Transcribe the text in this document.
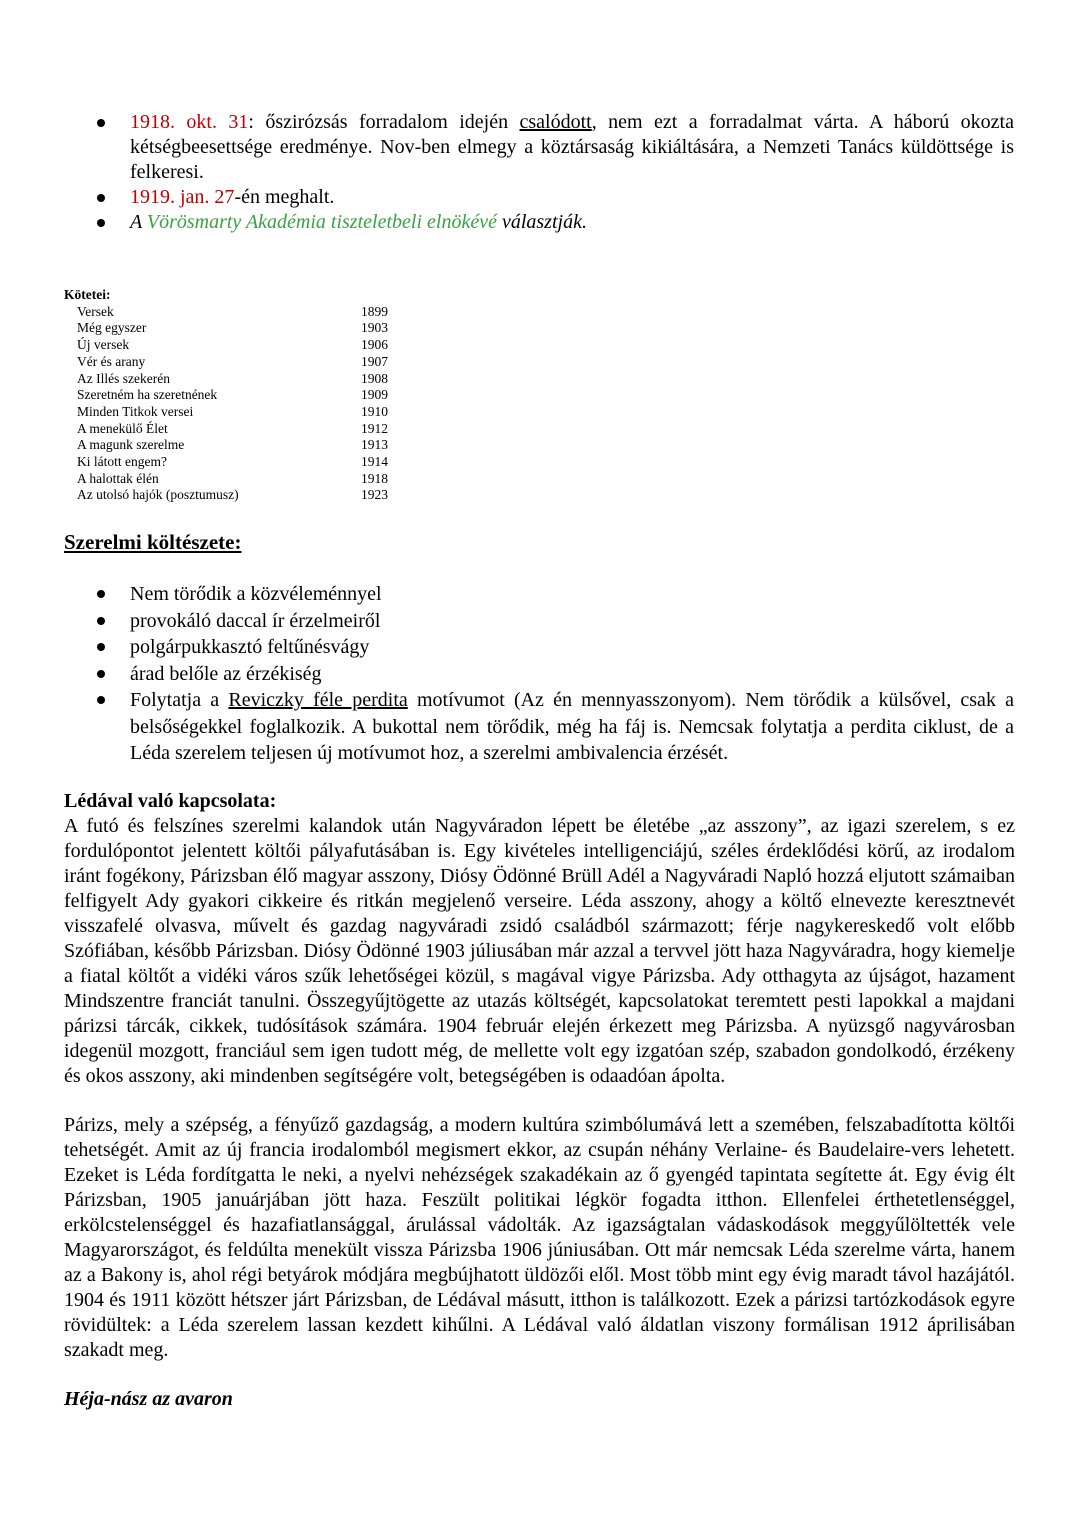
1918. okt. 31: őszirózsás forradalom idején csalódott, nem ezt a forradalmat várta. A háború okozta kétségbeesettsége eredménye. Nov-ben elmegy a köztársaság kikiáltására, a Nemzeti Tanács küldöttsége is felkeresi.
1919. jan. 27-én meghalt.
A Vörösmarty Akadémia tiszteletbeli elnökévé választják.
Kötetei:
Versek	1899
Még egyszer	1903
Új versek	1906
Vér és arany	1907
Az Illés szekerén	1908
Szeretném ha szeretnének	1909
Minden Titkok versei	1910
A menekülő Élet	1912
A magunk szerelme	1913
Ki látott engem?	1914
A halottak élén	1918
Az utolsó hajók (posztumusz)	1923
Szerelmi költészete:
Nem törődik a közvéleménnyel
provokáló daccal ír érzelmeiről
polgárpukkasztó feltűnésvágy
árad belőle az érzékiség
Folytatja a Reviczky féle perdita motívumot (Az én mennyasszonyom). Nem törődik a külsővel, csak a belsőségekkel foglalkozik. A bukottal nem törődik, még ha fáj is. Nemcsak folytatja a perdita ciklust, de a Léda szerelem teljesen új motívumot hoz, a szerelmi ambivalencia érzését.
Lédával való kapcsolata:

A futó és felszínes szerelmi kalandok után Nagyváradon lépett be életébe „az asszony”, az igazi szerelem, s ez fordulópontot jelentett költői pályafutásában is. Egy kivételes intelligenciájú, széles érdeklődési körű, az irodalom iránt fogékony, Párizsban élő magyar asszony, Diósy Ödönné Brüll Adél a Nagyváradi Napló hozzá eljutott számaiban felfigyelt Ady gyakori cikkeire és ritkán megjelenő verseire. Léda asszony, ahogy a költő elnevezte keresztnevét visszafelé olvasva, művelt és gazdag nagyváradi zsidó családból származott; férje nagykereskedő volt előbb Szófiában, később Párizsban. Diósy Ödönné 1903 júliusában már azzal a tervvel jött haza Nagyváradra, hogy kiemelje a fiatal költőt a vidéki város szűk lehetőségei közül, s magával vigye Párizsba. Ady otthagyta az újságot, hazament Mindszentre franciát tanulni. Összegyűjtögette az utazás költségét, kapcsolatokat teremtett pesti lapokkal a majdani párizsi tárcák, cikkek, tudósítások számára. 1904 február elején érkezett meg Párizsba. A nyüzsgő nagyvárosban idegenül mozgott, franciául sem igen tudott még, de mellette volt egy izgatóan szép, szabadon gondolkodó, érzékeny és okos asszony, aki mindenben segítségére volt, betegségében is odaadóan ápolta.

Párizs, mely a szépség, a fényűző gazdagság, a modern kultúra szimbólumává lett a szemében, felszabadította költői tehetségét. Amit az új francia irodalomból megismert ekkor, az csupán néhány Verlaine- és Baudelaire-vers lehetett. Ezeket is Léda fordítgatta le neki, a nyelvi nehézségek szakadékain az ő gyengéd tapintata segítette át. Egy évig élt Párizsban, 1905 januárjában jött haza. Feszült politikai légkör fogadta itthon. Ellenfelei érthetetlenséggel, erkölcstelenséggel és hazafiatlansággal, árulással vádolták. Az igazságtalan vádaskodások meggyűlöltették vele Magyarországot, és feldúlta menekült vissza Párizsba 1906 júniusában. Ott már nemcsak Léda szerelme várta, hanem az a Bakony is, ahol régi betyárok módjára megbújhatott üldözői elől. Most több mint egy évig maradt távol hazájától. 1904 és 1911 között hétszer járt Párizsban, de Lédával másutt, itthon is találkozott. Ezek a párizsi tartózkodások egyre rövidültek: a Léda szerelem lassan kezdett kihűlni. A Lédával való áldatlan viszony formálisan 1912 áprilisában szakadt meg.

Héja-nász az avaron
